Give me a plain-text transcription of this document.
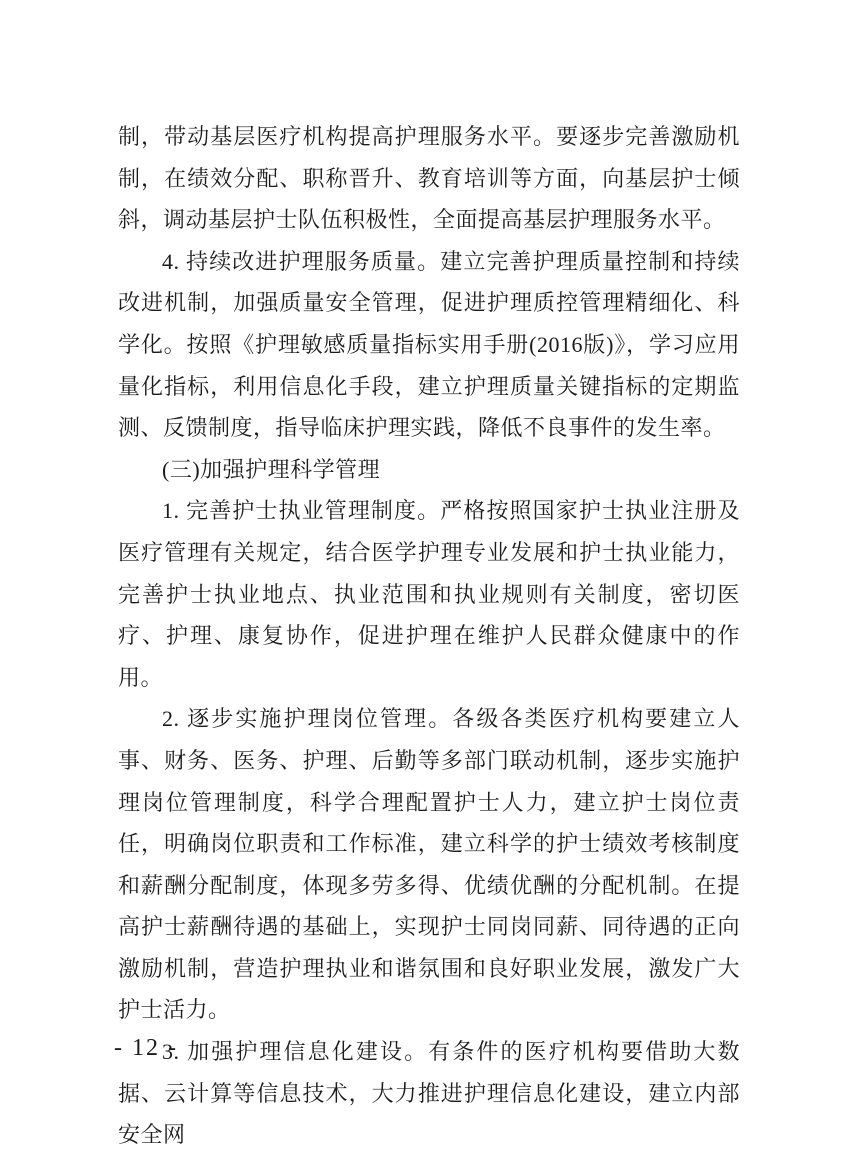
制，带动基层医疗机构提高护理服务水平。要逐步完善激励机制，在绩效分配、职称晋升、教育培训等方面，向基层护士倾斜，调动基层护士队伍积极性，全面提高基层护理服务水平。

4. 持续改进护理服务质量。建立完善护理质量控制和持续改进机制，加强质量安全管理，促进护理质控管理精细化、科学化。按照《护理敏感质量指标实用手册(2016版)》，学习应用量化指标，利用信息化手段，建立护理质量关键指标的定期监测、反馈制度，指导临床护理实践，降低不良事件的发生率。

(三)加强护理科学管理

1. 完善护士执业管理制度。严格按照国家护士执业注册及医疗管理有关规定，结合医学护理专业发展和护士执业能力，完善护士执业地点、执业范围和执业规则有关制度，密切医疗、护理、康复协作，促进护理在维护人民群众健康中的作用。

2. 逐步实施护理岗位管理。各级各类医疗机构要建立人事、财务、医务、护理、后勤等多部门联动机制，逐步实施护理岗位管理制度，科学合理配置护士人力，建立护士岗位责任，明确岗位职责和工作标准，建立科学的护士绩效考核制度和薪酬分配制度，体现多劳多得、优绩优酬的分配机制。在提高护士薪酬待遇的基础上，实现护士同岗同薪、同待遇的正向激励机制，营造护理执业和谐氛围和良好职业发展，激发广大护士活力。

3. 加强护理信息化建设。有条件的医疗机构要借助大数据、云计算等信息技术，大力推进护理信息化建设，建立内部安全网

- 12 -
